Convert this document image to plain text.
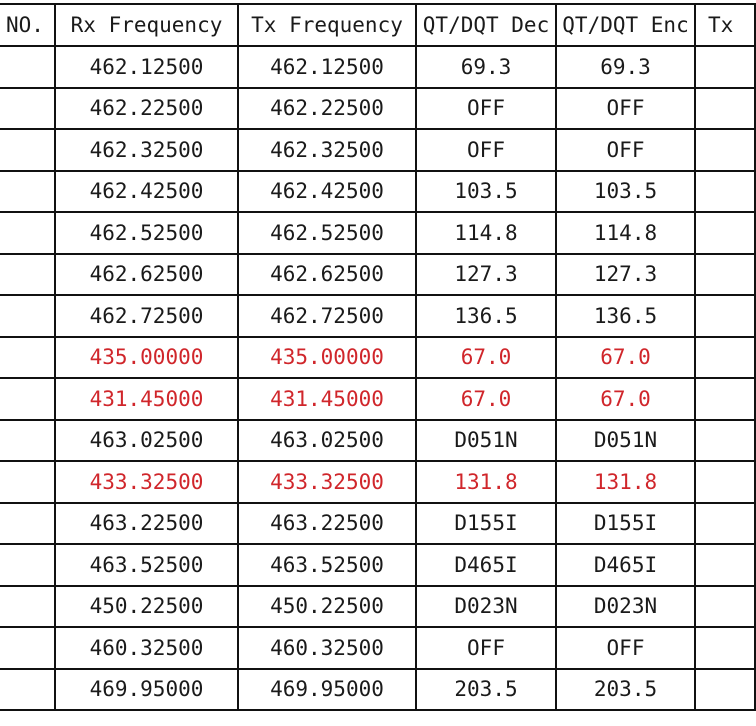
NO.	Rx Frequency	Tx Frequency	QT/DQT Dec	QT/DQT Enc	Tx
	462.12500	462.12500	69.3	69.3	
	462.22500	462.22500	OFF	OFF	
	462.32500	462.32500	OFF	OFF	
	462.42500	462.42500	103.5	103.5	
	462.52500	462.52500	114.8	114.8	
	462.62500	462.62500	127.3	127.3	
	462.72500	462.72500	136.5	136.5	
	435.00000	435.00000	67.0	67.0	
	431.45000	431.45000	67.0	67.0	
	463.02500	463.02500	D051N	D051N	
	433.32500	433.32500	131.8	131.8	
	463.22500	463.22500	D155I	D155I	
	463.52500	463.52500	D465I	D465I	
	450.22500	450.22500	D023N	D023N	
	460.32500	460.32500	OFF	OFF	
	469.95000	469.95000	203.5	203.5	
